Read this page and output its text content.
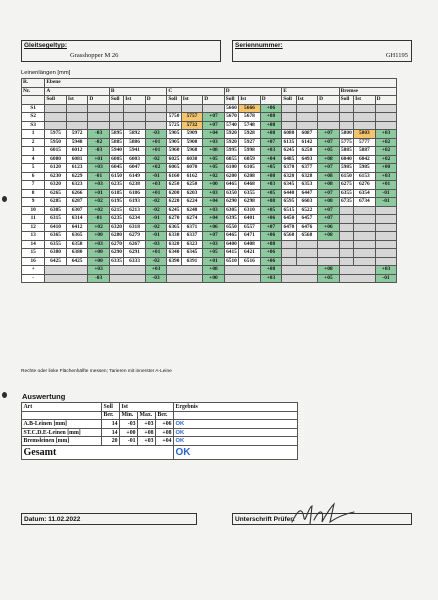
Gleitsegeltyp:
Grasshopper M 26
Seriennummer:
GH1195
Leinenlängen [mm]
R.	Ebene																	
Nr.	A			B			C			D			E			Bremse		
	Soll	Ist	D	Soll	Ist	D	Soll	Ist	D	Soll	Ist	D	Soll	Ist	D	Soll	Ist	D
S1										5660	5666	+06						
S2							5750	5757	+07	5670	5678	+08						
S3							5725	5732	+07	5740	5748	+08						
1	5975	5972	-03	5895	5892	-03	5905	5909	+04	5920	5928	+08	6080	6087	+07	5800	5803	+03
2	5950	5948	-02	5885	5886	+01	5905	5908	+03	5920	5927	+07	6135	6142	+07	5775	5777	+02
3	6015	6012	-03	5940	5941	+01	5960	5968	+08	5995	5998	+03	6245	6250	+05	5885	5887	+02
4	6080	6081	+01	6005	6003	-02	6025	6030	+05	6055	6059	+04	6485	6493	+08	6040	6042	+02
5	6120	6123	+03	6045	6047	+02	6065	6070	+05	6100	6105	+05	6370	6377	+07	5985	5985	+00
6	6230	6229	-01	6150	6149	-01	6160	6162	+02	6200	6208	+08	6320	6328	+08	6150	6153	+03
7	6320	6323	+03	6235	6238	+03	6250	6250	+00	6465	6468	+03	6345	6353	+08	6275	6276	+01
8	6265	6266	+01	6185	6186	+01	6200	6203	+03	6350	6355	+05	6440	6447	+07	6355	6354	-01
9	6285	6287	+02	6195	6193	-02	6220	6224	+04	6290	6298	+08	6595	6603	+08	6735	6734	-01
10	6305	6307	+02	6215	6213	-02	6245	6248	+03	6305	6310	+05	6515	6522	+07			
11	6315	6314	-01	6235	6234	-01	6270	6274	+04	6395	6401	+06	6450	6457	+07			
12	6410	6412	+02	6320	6318	-02	6365	6371	+06	6550	6557	+07	6470	6476	+06			
13	6365	6365	+00	6280	6279	-01	6330	6337	+07	6465	6471	+06	6560	6568	+08			
14	6355	6358	+03	6270	6267	-03	6320	6323	+03	6400	6408	+08						
15	6380	6380	+00	6290	6291	+01	6340	6345	+05	6415	6421	+06						
16	6425	6425	+00	6335	6333	-02	6390	6391	+01	6510	6516	+06						
+			+03			+03			+08			+08			+08			+03
-			-03			-03			+00			+03			+05			-01
Rechte oder linke Flächenhälfte messen; Tarieren mit innerster A-Leine
Auswertung
Art	Soll	Ist			Ergebnis
	Ber.	Min.	Max.	Ber.	
A.B-Leinen [mm]	14	-03	+03	+06	OK
ST.C.D.E-Leinen [mm]	14	+00	+08	+08	OK
Bremsleinen [mm]	20	-01	+03	+04	OK
Gesamt					OK
Datum: 11.02.2022	Unterschrift Prüfer:
